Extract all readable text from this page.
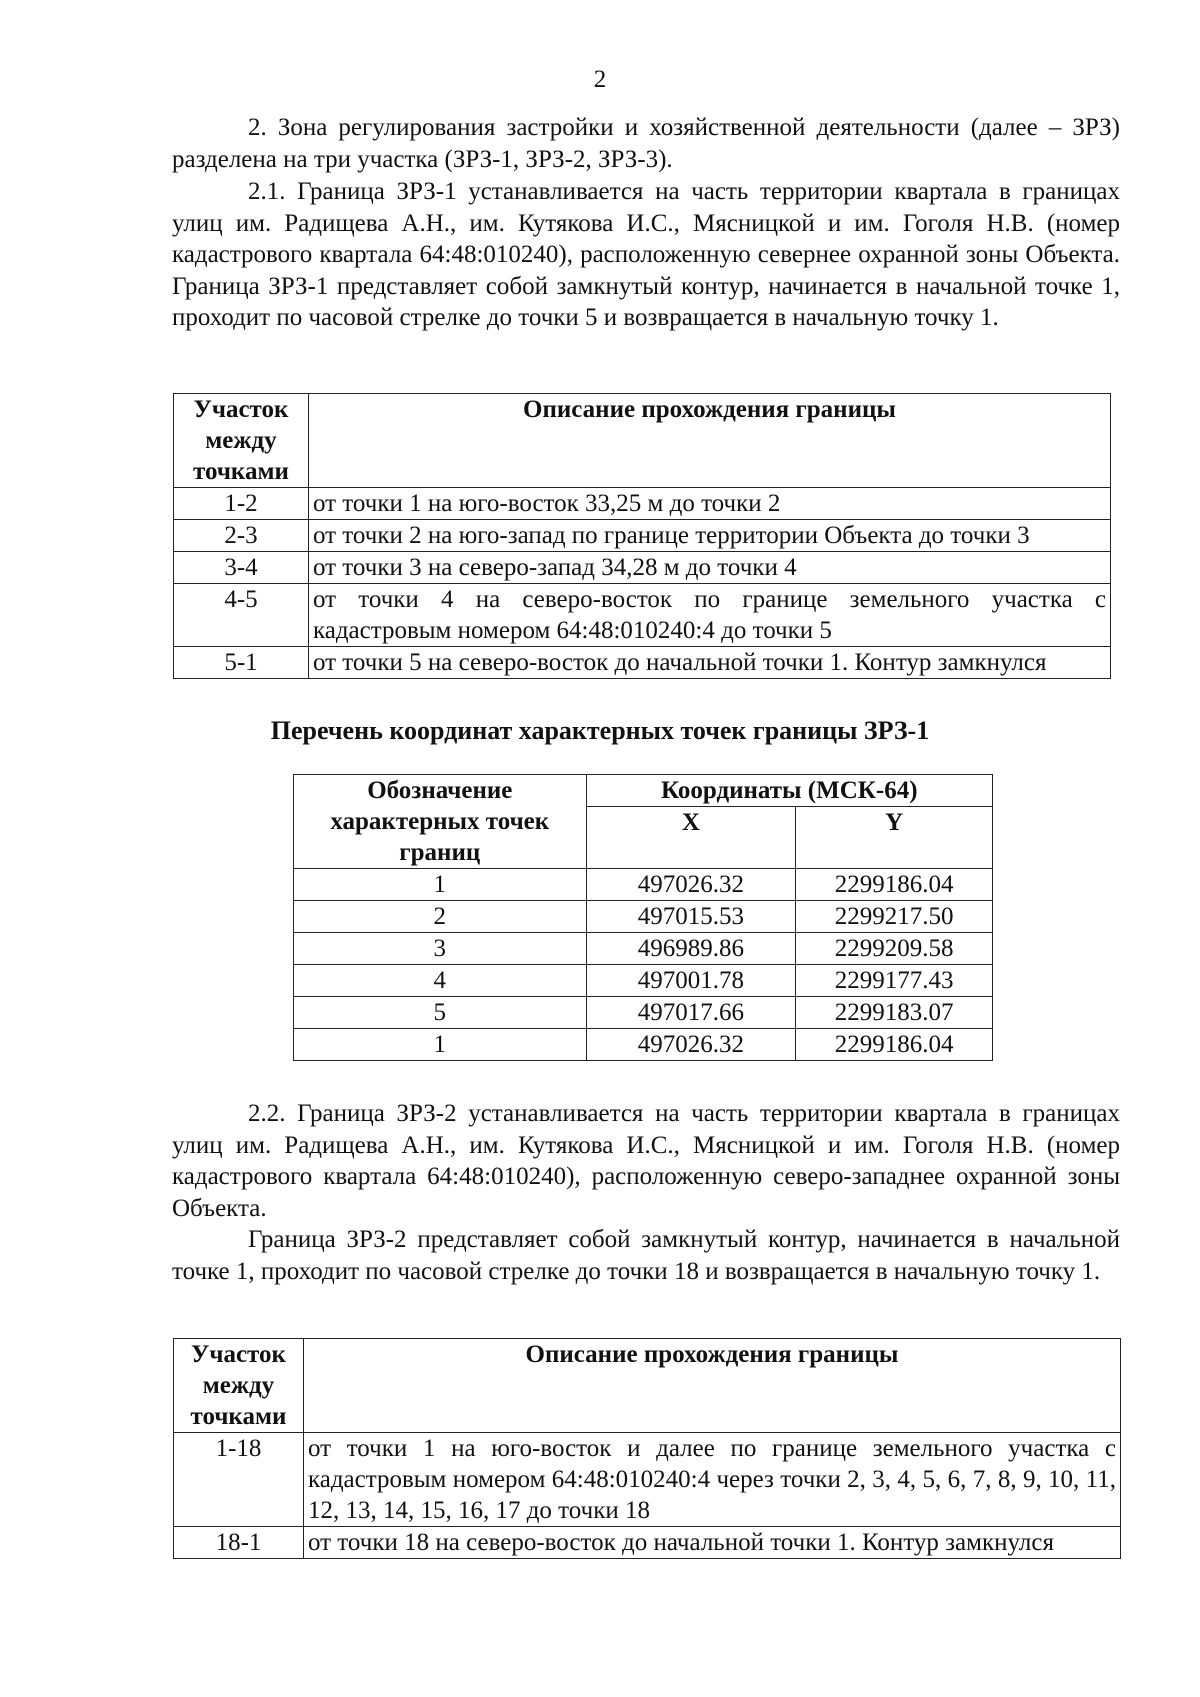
2

2. Зона регулирования застройки и хозяйственной деятельности (далее – ЗРЗ) разделена на три участка (ЗРЗ-1, ЗРЗ-2, ЗРЗ-3).

2.1. Граница ЗРЗ-1 устанавливается на часть территории квартала в границах улиц им. Радищева А.Н., им. Кутякова И.С., Мясницкой и им. Гоголя Н.В. (номер кадастрового квартала 64:48:010240), расположенную севернее охранной зоны Объекта. Граница ЗРЗ-1 представляет собой замкнутый контур, начинается в начальной точке 1, проходит по часовой стрелке до точки 5 и возвращается в начальную точку 1.

Участок между точками	Описание прохождения границы
1-2	от точки 1 на юго-восток 33,25 м до точки 2
2-3	от точки 2 на юго-запад по границе территории Объекта до точки 3
3-4	от точки 3 на северо-запад 34,28 м до точки 4
4-5	от точки 4 на северо-восток по границе земельного участка с кадастровым номером 64:48:010240:4 до точки 5
5-1	от точки 5 на северо-восток до начальной точки 1. Контур замкнулся
Перечень координат характерных точек границы ЗРЗ-1
Обозначение характерных точек границ	Координаты (МСК-64)	
	X	Y
1	497026.32	2299186.04
2	497015.53	2299217.50
3	496989.86	2299209.58
4	497001.78	2299177.43
5	497017.66	2299183.07
1	497026.32	2299186.04

2.2. Граница ЗРЗ-2 устанавливается на часть территории квартала в границах улиц им. Радищева А.Н., им. Кутякова И.С., Мясницкой и им. Гоголя Н.В. (номер кадастрового квартала 64:48:010240), расположенную северо-западнее охранной зоны Объекта.

Граница ЗРЗ-2 представляет собой замкнутый контур, начинается в начальной точке 1, проходит по часовой стрелке до точки 18 и возвращается в начальную точку 1.

Участок между точками	Описание прохождения границы
1-18	от точки 1 на юго-восток и далее по границе земельного участка с кадастровым номером 64:48:010240:4 через точки 2, 3, 4, 5, 6, 7, 8, 9, 10, 11, 12, 13, 14, 15, 16, 17 до точки 18
18-1	от точки 18 на северо-восток до начальной точки 1. Контур замкнулся
